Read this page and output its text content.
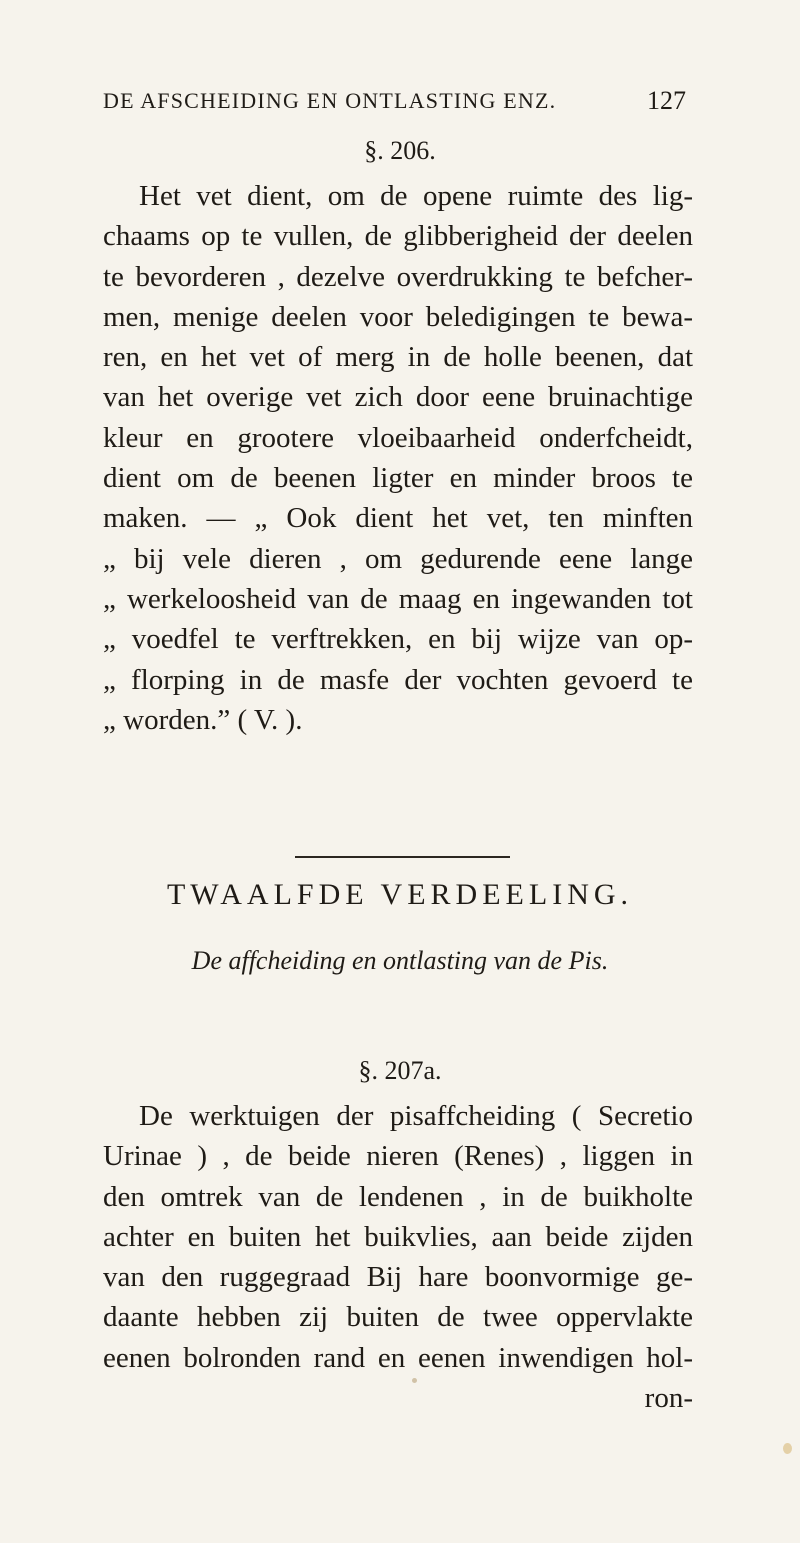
DE AFSCHEIDING EN ONTLASTING ENZ.	127
§. 206.
Het vet dient, om de opene ruimte des lig-
chaams op te vullen, de glibberigheid der deelen
te bevorderen , dezelve overdrukking te befcher-
men, menige deelen voor beledigingen te bewa-
ren, en het vet of merg in de holle beenen, dat
van het overige vet zich door eene bruinachtige
kleur en grootere vloeibaarheid onderfcheidt,
dient om de beenen ligter en minder broos te
maken. — „ Ook dient het vet, ten minften
„ bij vele dieren , om gedurende eene lange
„ werkeloosheid van de maag en ingewanden tot
„ voedfel te verftrekken, en bij wijze van op-
„ florping in de masfe der vochten gevoerd te
„ worden.” ( V. ).
TWAALFDE VERDEELING.
De affcheiding en ontlasting van de Pis.
§. 207a.
De werktuigen der pisaffcheiding ( Secretio
Urinae ) , de beide nieren (Renes) , liggen in
den omtrek van de lendenen , in de buikholte
achter en buiten het buikvlies, aan beide zijden
van den ruggegraad Bij hare boonvormige ge-
daante hebben zij buiten de twee oppervlakte
eenen bolronden rand en eenen inwendigen hol-
ron-
